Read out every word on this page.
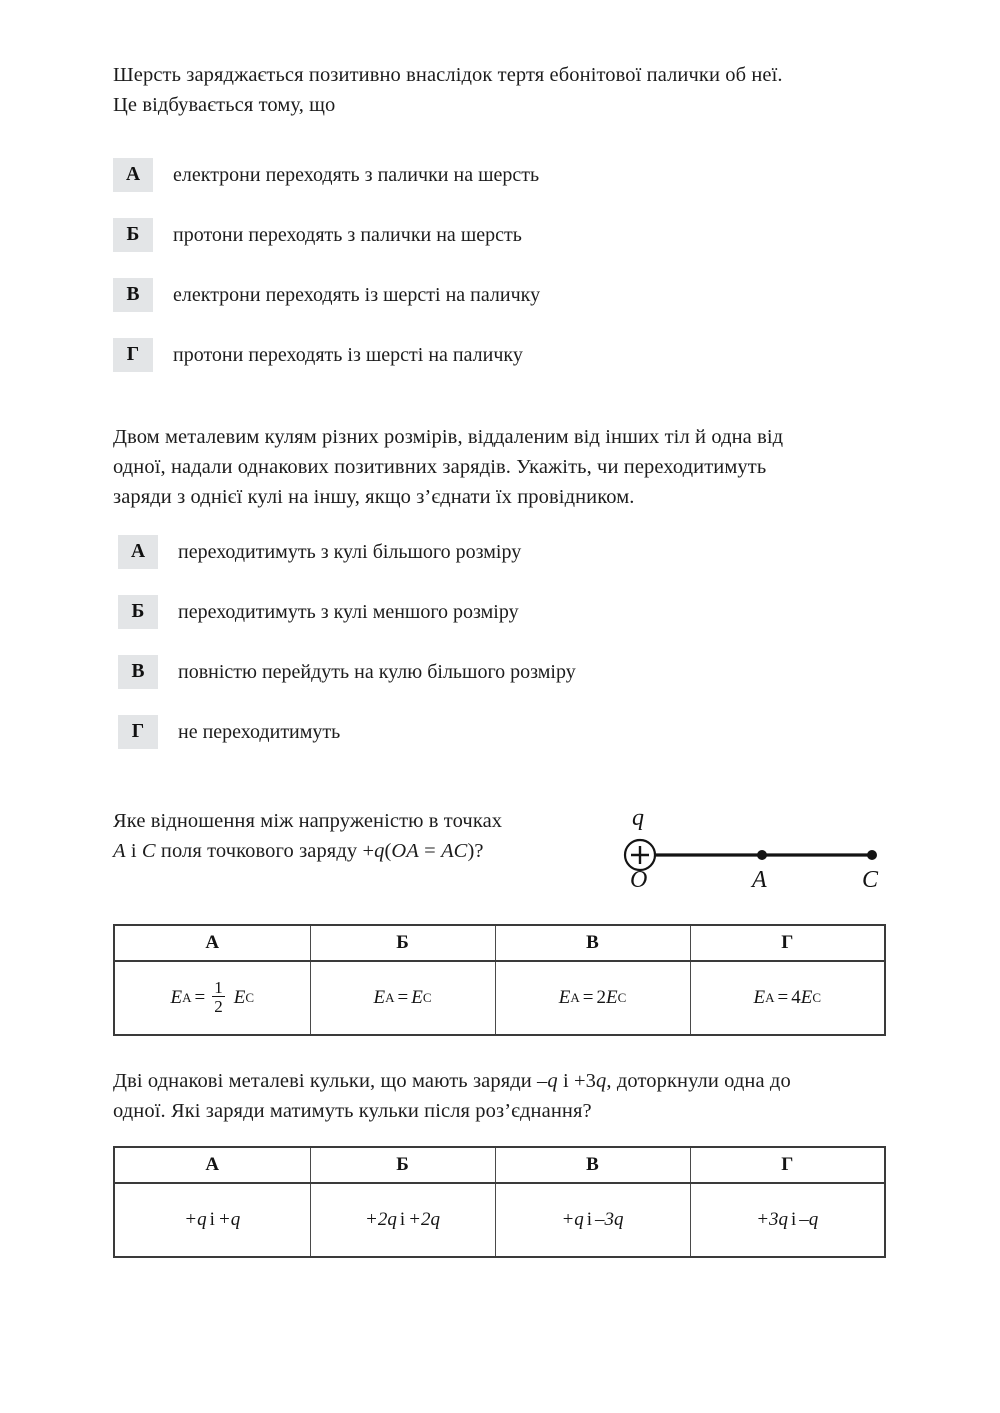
Шерсть заряджається позитивно внаслідок тертя ебонітової палички об неї.
Це відбувається тому, що
А	електрони переходять з палички на шерсть
Б	протони переходять з палички на шерсть
В	електрони переходять із шерсті на паличку
Г	протони переходять із шерсті на паличку
Двом металевим кулям різних розмірів, віддаленим від інших тіл й одна від
одної, надали однакових позитивних зарядів. Укажіть, чи переходитимуть
заряди з однієї кулі на іншу, якщо з’єднати їх провідником.
А	переходитимуть з кулі більшого розміру
Б	переходитимуть з кулі меншого розміру
В	повністю перейдуть на кулю більшого розміру
Г	не переходитимуть
Яке відношення між напруженістю в точках
A і C поля точкового заряду +q(OA = AC)?
q
O	A	C
А	Б	В	Г

E $A = \frac{1}{2}$ E C	E A = E C	E A = 2 E C	E A = 4 E C
Дві однакові металеві кульки, що мають заряди –q і +3q, доторкнули одна до
одної. Які заряди матимуть кульки після роз’єднання?
А	Б	В	Г

+q і +q	+2q і +2q	+q і –3q	+3q і –q
